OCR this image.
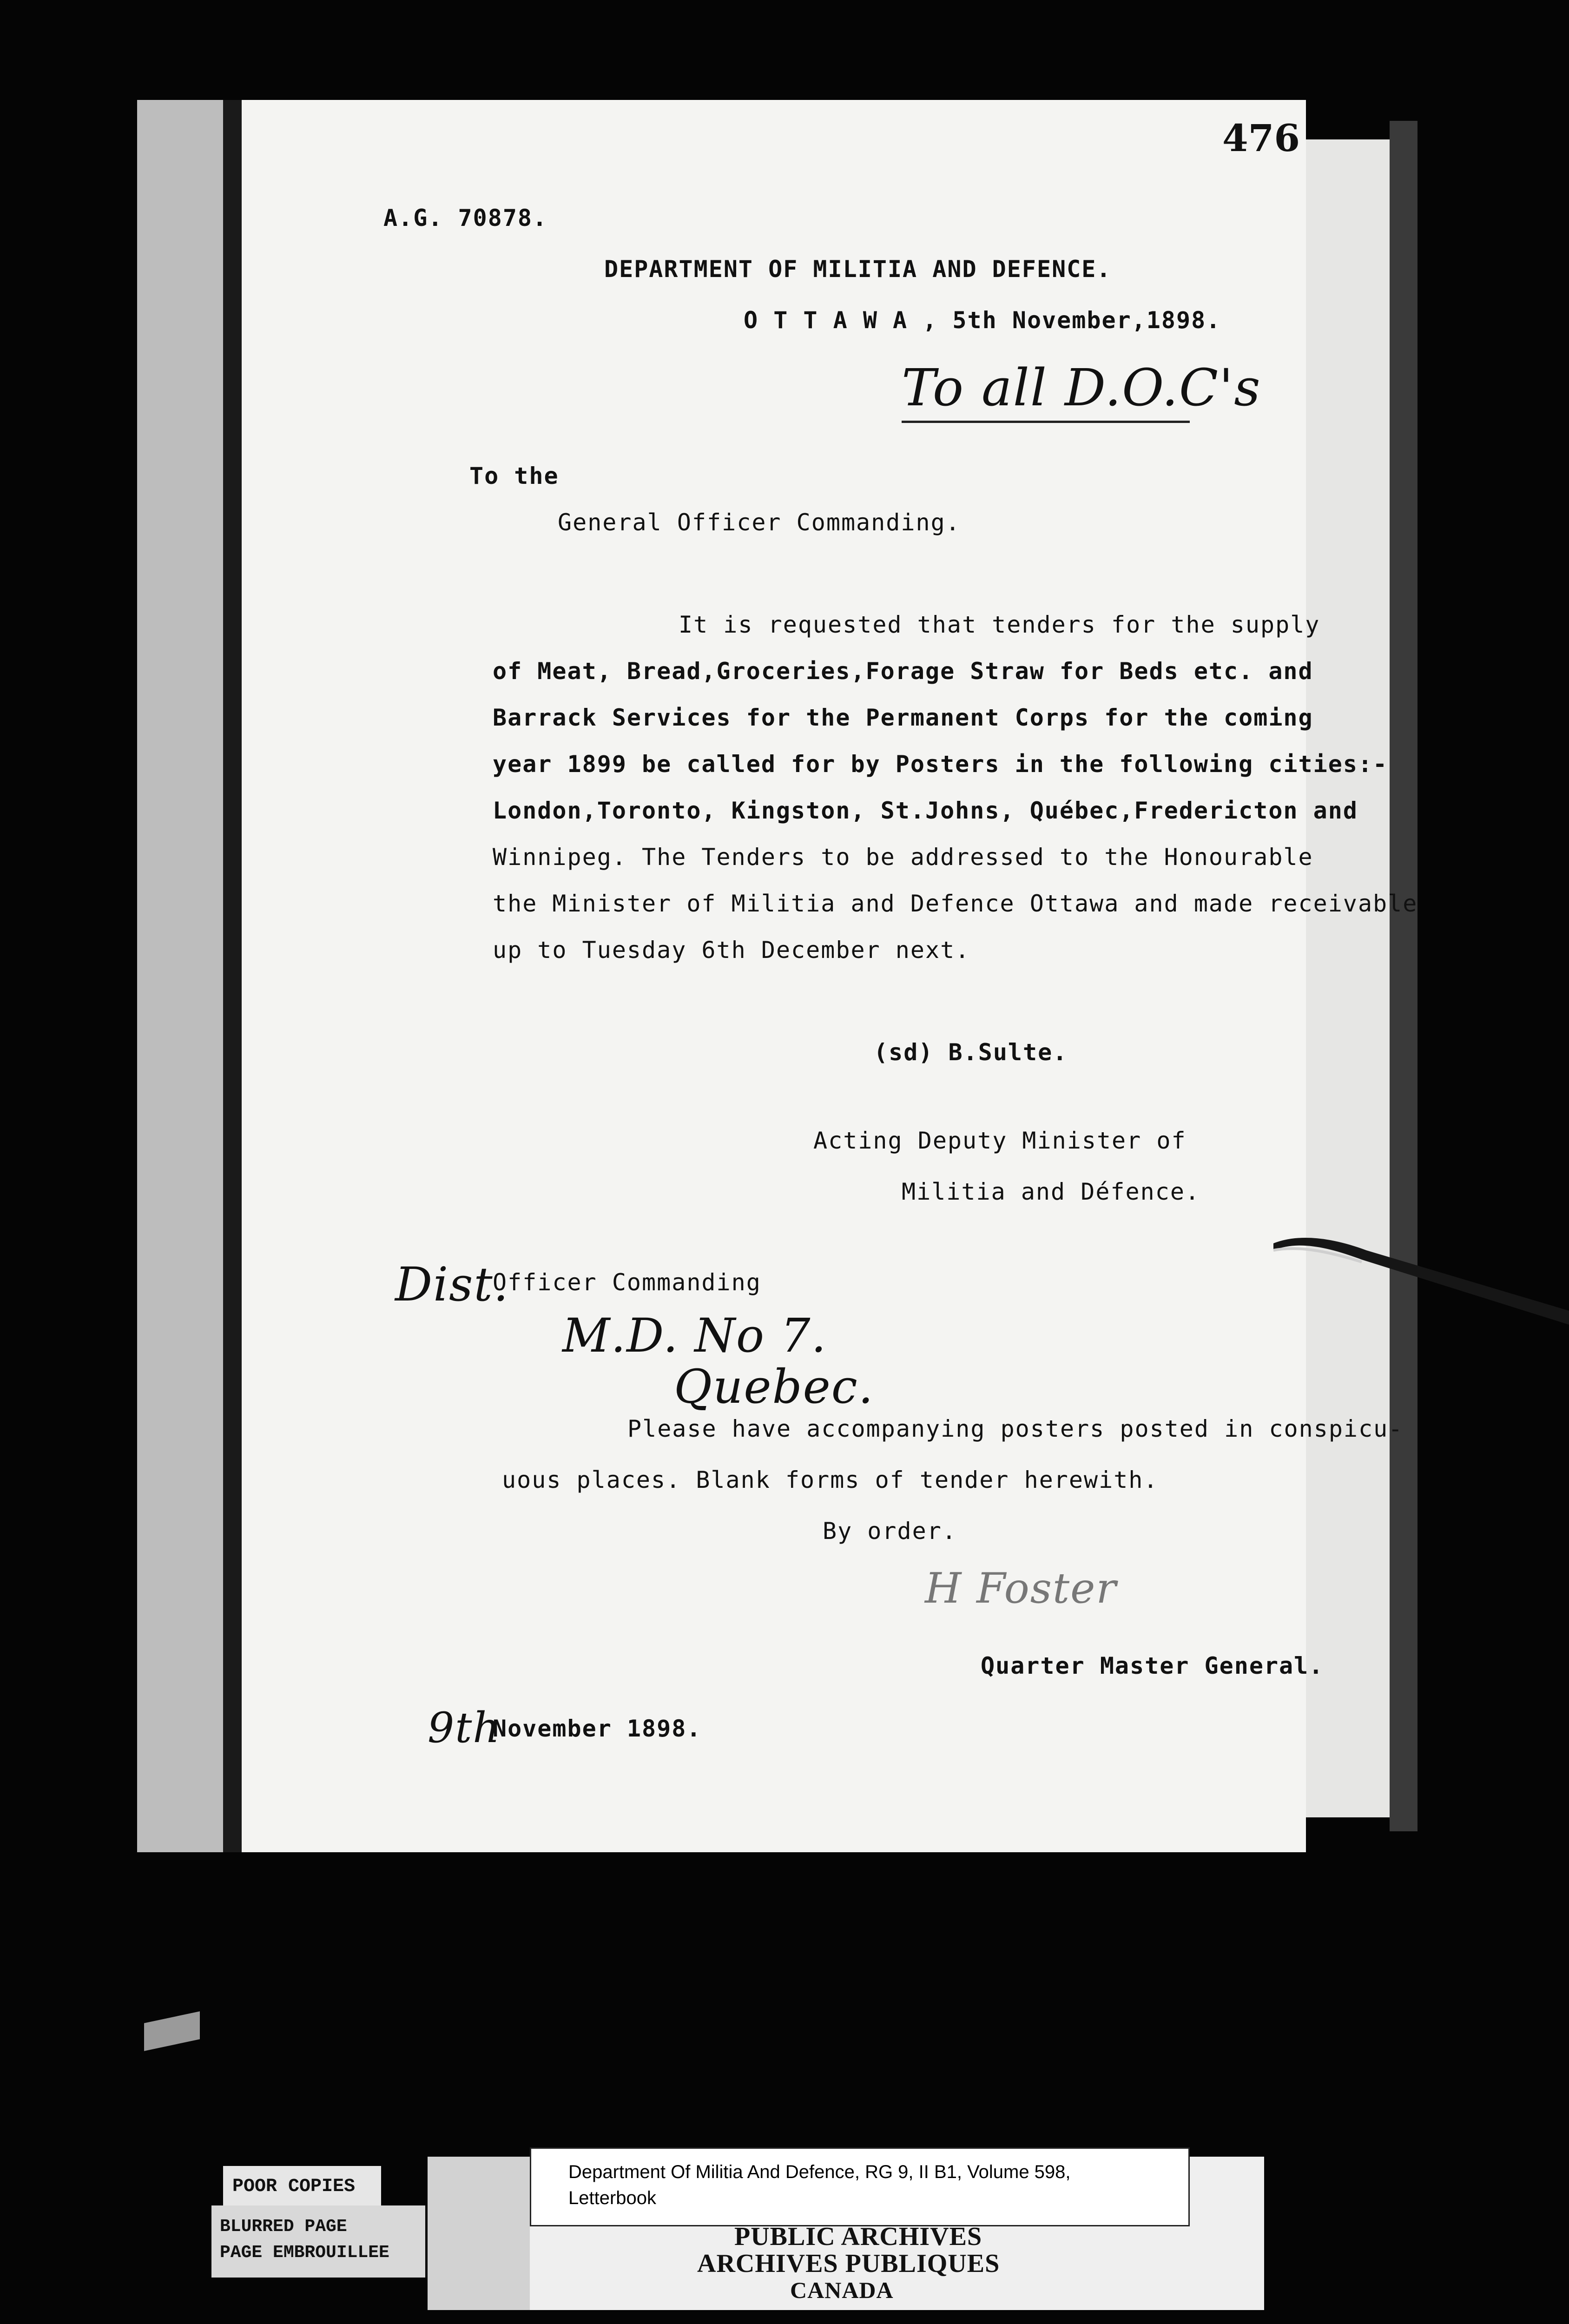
476
A.G. 70878.
DEPARTMENT OF MILITIA AND DEFENCE.
O T T A W A , 5th November,1898.
To all D.O.C's
To the
General Officer Commanding.
It is requested that tenders for the supply
of Meat, Bread,Groceries,Forage Straw for Beds etc. and
Barrack Services for the Permanent Corps for the coming
year 1899 be called for by Posters in the following cities:-
London,Toronto, Kingston, St.Johns, Québec,Fredericton and
Winnipeg. The Tenders to be addressed to the Honourable
the Minister of Militia and Defence Ottawa and made receivable
up to Tuesday 6th December next.
(sd) B.Sulte.
Acting Deputy Minister of
Militia and Défence.
Dist.
Officer Commanding
M.D. No 7.
Quebec.
Please have accompanying posters posted in conspicu-
uous places. Blank forms of tender herewith.
By order.
H Foster
Quarter Master General.
9th
November 1898.
POOR COPIES
BLURRED PAGE
PAGE EMBROUILLEE
Department Of Militia And Defence, RG 9, II B1, Volume 598,
Letterbook
PUBLIC ARCHIVES
ARCHIVES PUBLIQUES
CANADA
